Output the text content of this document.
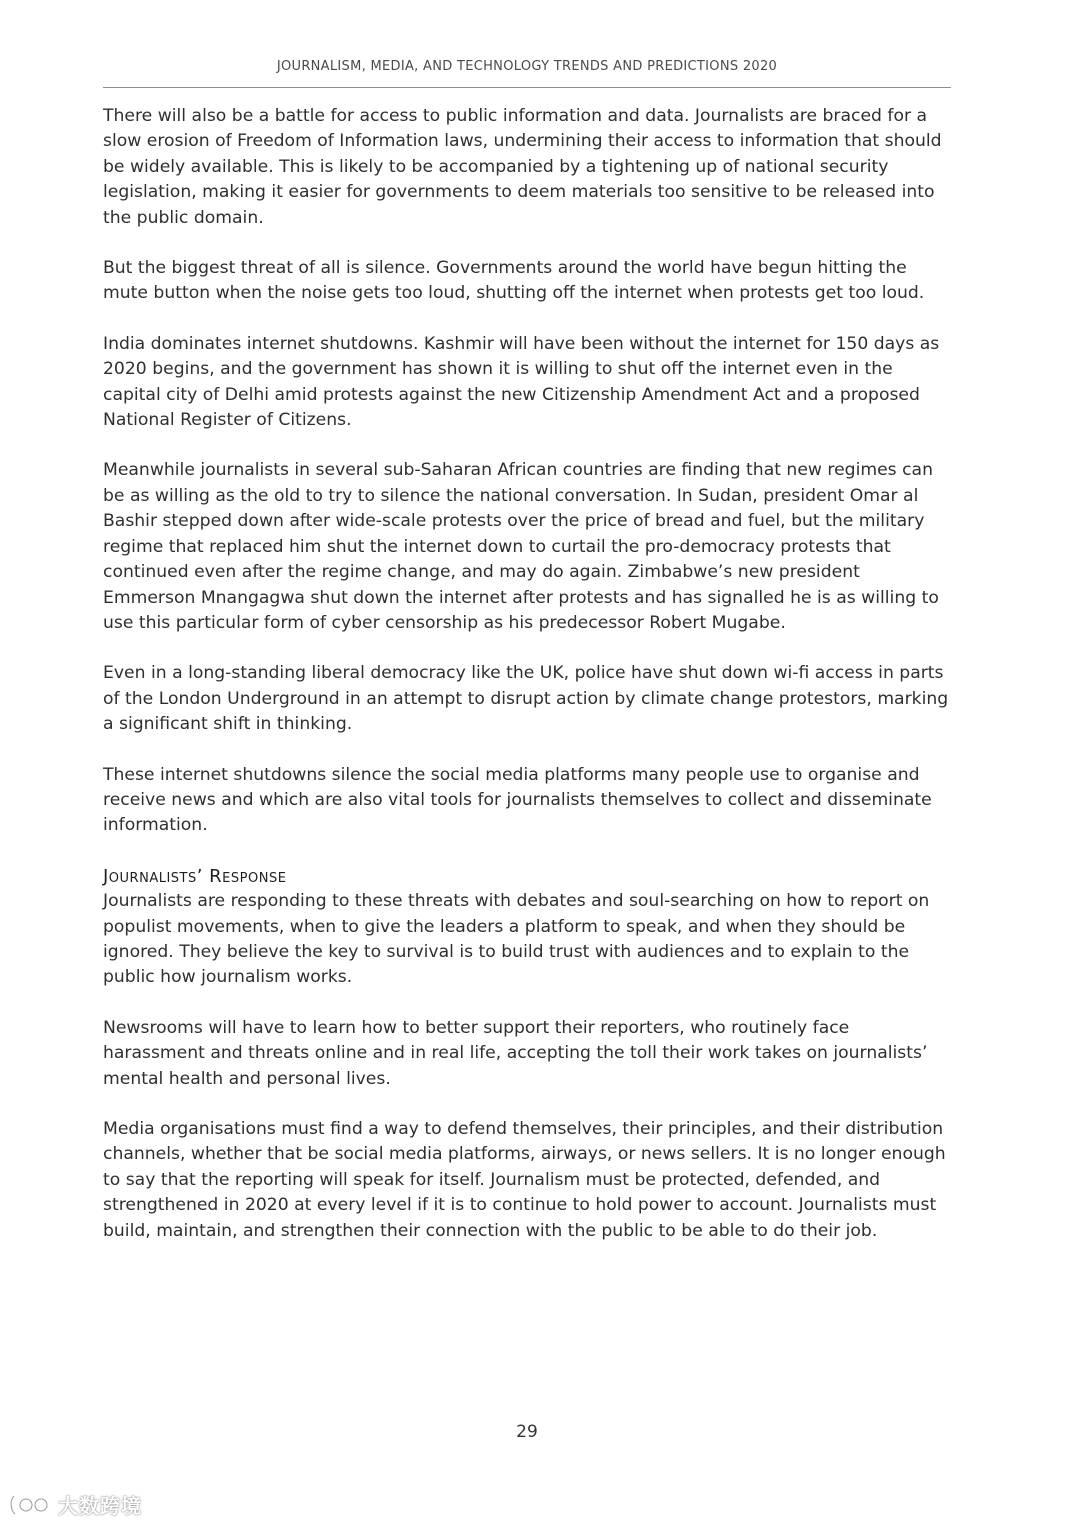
JOURNALISM, MEDIA, AND TECHNOLOGY TRENDS AND PREDICTIONS 2020

There will also be a battle for access to public information and data. Journalists are braced for a slow erosion of Freedom of Information laws, undermining their access to information that should be widely available. This is likely to be accompanied by a tightening up of national security legislation, making it easier for governments to deem materials too sensitive to be released into the public domain.

But the biggest threat of all is silence. Governments around the world have begun hitting the mute button when the noise gets too loud, shutting off the internet when protests get too loud.

India dominates internet shutdowns. Kashmir will have been without the internet for 150 days as 2020 begins, and the government has shown it is willing to shut off the internet even in the capital city of Delhi amid protests against the new Citizenship Amendment Act and a proposed National Register of Citizens.

Meanwhile journalists in several sub-Saharan African countries are finding that new regimes can be as willing as the old to try to silence the national conversation. In Sudan, president Omar al Bashir stepped down after wide-scale protests over the price of bread and fuel, but the military regime that replaced him shut the internet down to curtail the pro-democracy protests that continued even after the regime change, and may do again. Zimbabwe’s new president Emmerson Mnangagwa shut down the internet after protests and has signalled he is as willing to use this particular form of cyber censorship as his predecessor Robert Mugabe.

Even in a long-standing liberal democracy like the UK, police have shut down wi-fi access in parts of the London Underground in an attempt to disrupt action by climate change protestors, marking a significant shift in thinking.

These internet shutdowns silence the social media platforms many people use to organise and receive news and which are also vital tools for journalists themselves to collect and disseminate information.

Journalists’ Response

Journalists are responding to these threats with debates and soul-searching on how to report on populist movements, when to give the leaders a platform to speak, and when they should be ignored. They believe the key to survival is to build trust with audiences and to explain to the public how journalism works.

Newsrooms will have to learn how to better support their reporters, who routinely face harassment and threats online and in real life, accepting the toll their work takes on journalists’ mental health and personal lives.

Media organisations must find a way to defend themselves, their principles, and their distribution channels, whether that be social media platforms, airways, or news sellers. It is no longer enough to say that the reporting will speak for itself. Journalism must be protected, defended, and strengthened in 2020 at every level if it is to continue to hold power to account. Journalists must build, maintain, and strengthen their connection with the public to be able to do their job.

29
大数跨境
